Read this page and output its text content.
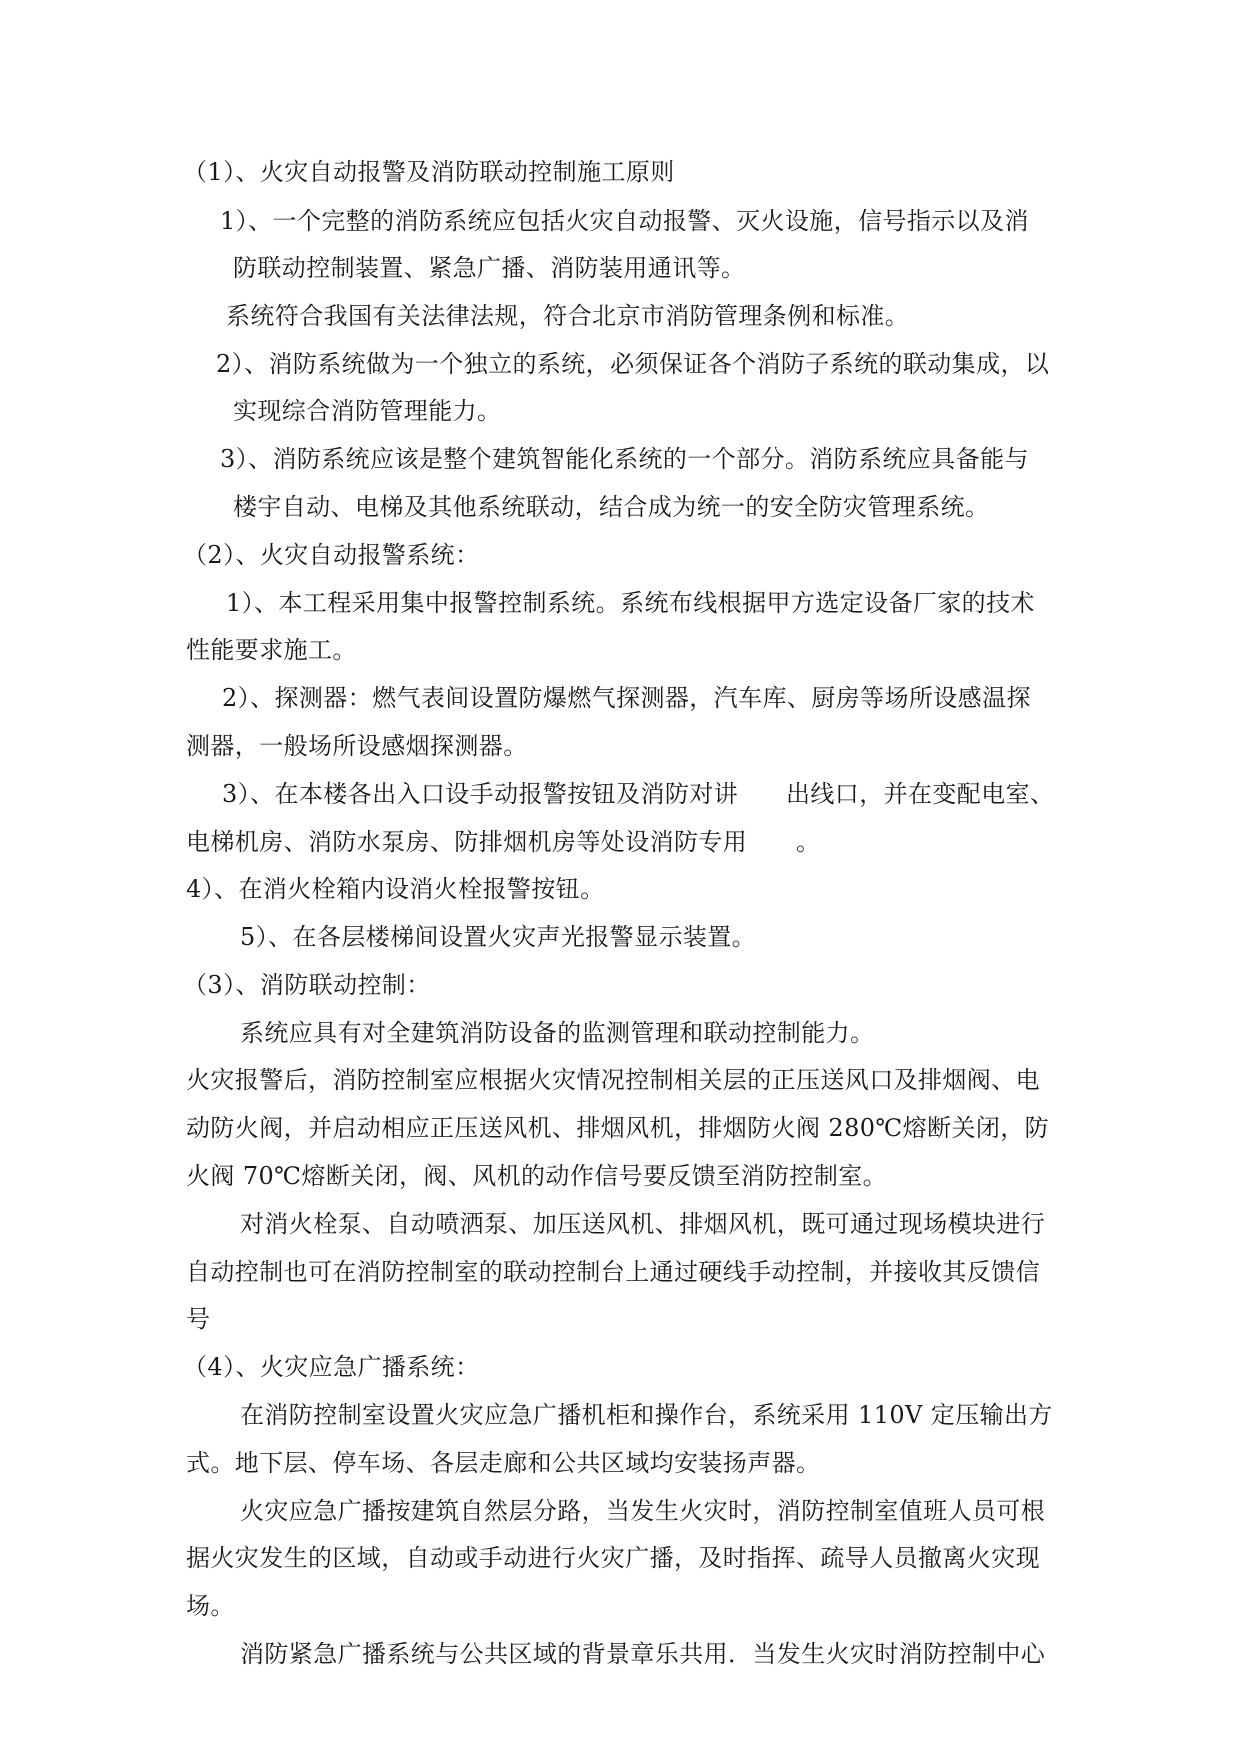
（1）、火灾自动报警及消防联动控制施工原则
1）、一个完整的消防系统应包括火灾自动报警、灭火设施，信号指示以及消
防联动控制装置、紧急广播、消防装用通讯等。
系统符合我国有关法律法规，符合北京市消防管理条例和标准。
2）、消防系统做为一个独立的系统，必须保证各个消防子系统的联动集成，以
实现综合消防管理能力。
3）、消防系统应该是整个建筑智能化系统的一个部分。消防系统应具备能与
楼宇自动、电梯及其他系统联动，结合成为统一的安全防灾管理系统。
（2）、火灾自动报警系统：
1）、本工程采用集中报警控制系统。系统布线根据甲方选定设备厂家的技术
性能要求施工。
2）、探测器：燃气表间设置防爆燃气探测器，汽车库、厨房等场所设感温探
测器，一般场所设感烟探测器。
3）、在本楼各出入口设手动报警按钮及消防对讲 出线口，并在变配电室、
电梯机房、消防水泵房、防排烟机房等处设消防专用 。
4）、在消火栓箱内设消火栓报警按钮。
5）、在各层楼梯间设置火灾声光报警显示装置。
（3）、消防联动控制：
系统应具有对全建筑消防设备的监测管理和联动控制能力。
火灾报警后，消防控制室应根据火灾情况控制相关层的正压送风口及排烟阀、电
动防火阀，并启动相应正压送风机、排烟风机，排烟防火阀 280℃熔断关闭，防
火阀 70℃熔断关闭，阀、风机的动作信号要反馈至消防控制室。
对消火栓泵、自动喷洒泵、加压送风机、排烟风机，既可通过现场模块进行
自动控制也可在消防控制室的联动控制台上通过硬线手动控制，并接收其反馈信
号
（4）、火灾应急广播系统：
在消防控制室设置火灾应急广播机柜和操作台，系统采用 110V 定压输出方
式。地下层、停车场、各层走廊和公共区域均安装扬声器。
火灾应急广播按建筑自然层分路，当发生火灾时，消防控制室值班人员可根
据火灾发生的区域，自动或手动进行火灾广播，及时指挥、疏导人员撤离火灾现
场。
消防紧急广播系统与公共区域的背景章乐共用．当发生火灾时消防控制中心
